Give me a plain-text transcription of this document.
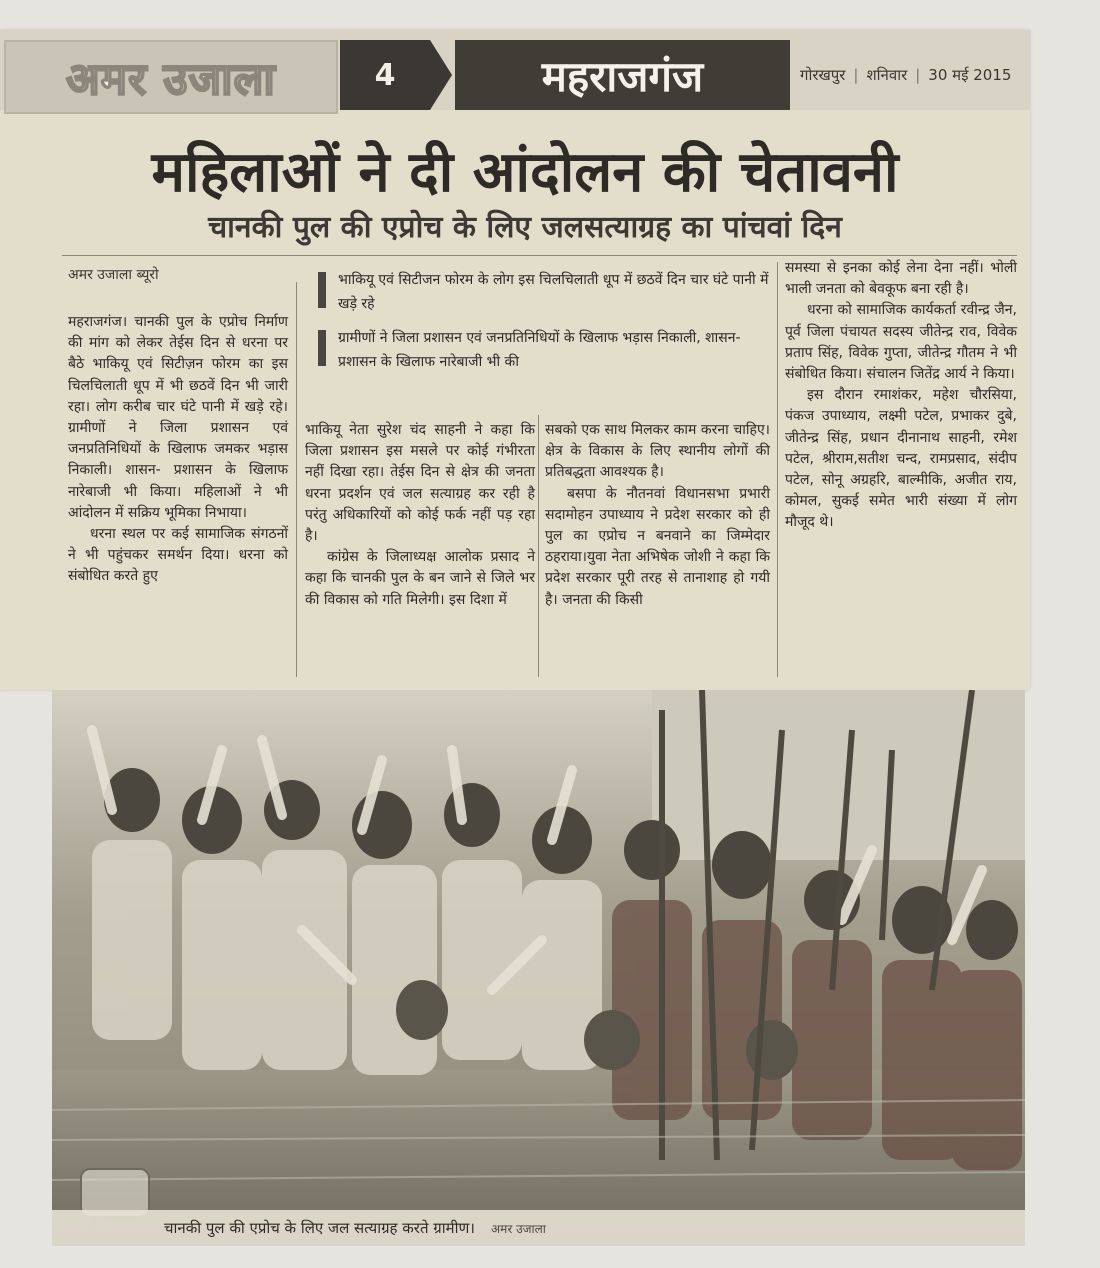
अमर उजाला	4	महराजगंज	गोरखपुर | शनिवार | 30 मई 2015
महिलाओं ने दी आंदोलन की चेतावनी
चानकी पुल की एप्रोच के लिए जलसत्याग्रह का पांचवां दिन
अमर उजाला ब्यूरो	भाकियू एवं सिटीजन फोरम के लोग इस चिलचिलाती धूप में छठवें दिन चार घंटे पानी में खड़े रहे
ग्रामीणों ने जिला प्रशासन एवं जनप्रतिनिधियों के खिलाफ भड़ास निकाली, शासन-प्रशासन के खिलाफ नारेबाजी भी की

महराजगंज। चानकी पुल के एप्रोच निर्माण की मांग को लेकर तेईस दिन से धरना पर बैठे भाकियू एवं सिटीज़न फोरम का इस चिलचिलाती धूप में भी छठवें दिन भी जारी रहा। लोग करीब चार घंटे पानी में खड़े रहे। ग्रामीणों ने जिला प्रशासन एवं जनप्रतिनिधियों के खिलाफ जमकर भड़ास निकाली। शासन- प्रशासन के खिलाफ नारेबाजी भी किया। महिलाओं ने भी आंदोलन में सक्रिय भूमिका निभाया।

धरना स्थल पर कई सामाजिक संगठनों ने भी पहुंचकर समर्थन दिया। धरना को संबोधित करते हुए

भाकियू नेता सुरेश चंद साहनी ने कहा कि जिला प्रशासन इस मसले पर कोई गंभीरता नहीं दिखा रहा। तेईस दिन से क्षेत्र की जनता धरना प्रदर्शन एवं जल सत्याग्रह कर रही है परंतु अधिकारियों को कोई फर्क नहीं पड़ रहा है।

कांग्रेस के जिलाध्यक्ष आलोक प्रसाद ने कहा कि चानकी पुल के बन जाने से जिले भर की विकास को गति मिलेगी। इस दिशा में

सबको एक साथ मिलकर काम करना चाहिए। क्षेत्र के विकास के लिए स्थानीय लोगों की प्रतिबद्धता आवश्यक है।

बसपा के नौतनवां विधानसभा प्रभारी सदामोहन उपाध्याय ने प्रदेश सरकार को ही पुल का एप्रोच न बनवाने का जिम्मेदार ठहराया।युवा नेता अभिषेक जोशी ने कहा कि प्रदेश सरकार पूरी तरह से तानाशाह हो गयी है। जनता की किसी

समस्या से इनका कोई लेना देना नहीं। भोली भाली जनता को बेवकूफ बना रही है।

धरना को सामाजिक कार्यकर्ता रवीन्द्र जैन, पूर्व जिला पंचायत सदस्य जीतेन्द्र राव, विवेक प्रताप सिंह, विवेक गुप्ता, जीतेन्द्र गौतम ने भी संबोधित किया। संचालन जितेंद्र आर्य ने किया।

इस दौरान रमाशंकर, महेश चौरसिया, पंकज उपाध्याय, लक्ष्मी पटेल, प्रभाकर दुबे, जीतेन्द्र सिंह, प्रधान दीनानाथ साहनी, रमेश पटेल, श्रीराम,सतीश चन्द, रामप्रसाद, संदीप पटेल, सोनू अग्रहरि, बाल्मीकि, अजीत राय, कोमल, सुकई समेत भारी संख्या में लोग मौजूद थे।

चानकी पुल की एप्रोच के लिए जल सत्याग्रह करते ग्रामीण। अमर उजाला
